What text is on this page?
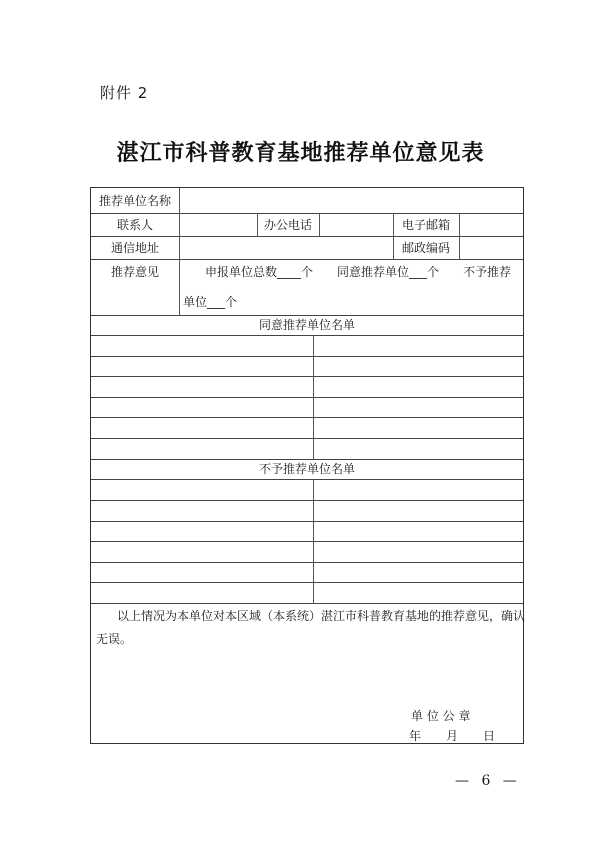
附件 2
湛江市科普教育基地推荐单位意见表
推荐单位名称
联系人	办公电话	电子邮箱
通信地址	邮政编码
推荐意见	申报单位总数____个　　同意推荐单位___个　　不予推荐
单位___个
同意推荐单位名单
不予推荐单位名单
以上情况为本单位对本区域（本系统）湛江市科普教育基地的推荐意见，确认
无误。
单 位 公 章
年 月 日
— 6 —
